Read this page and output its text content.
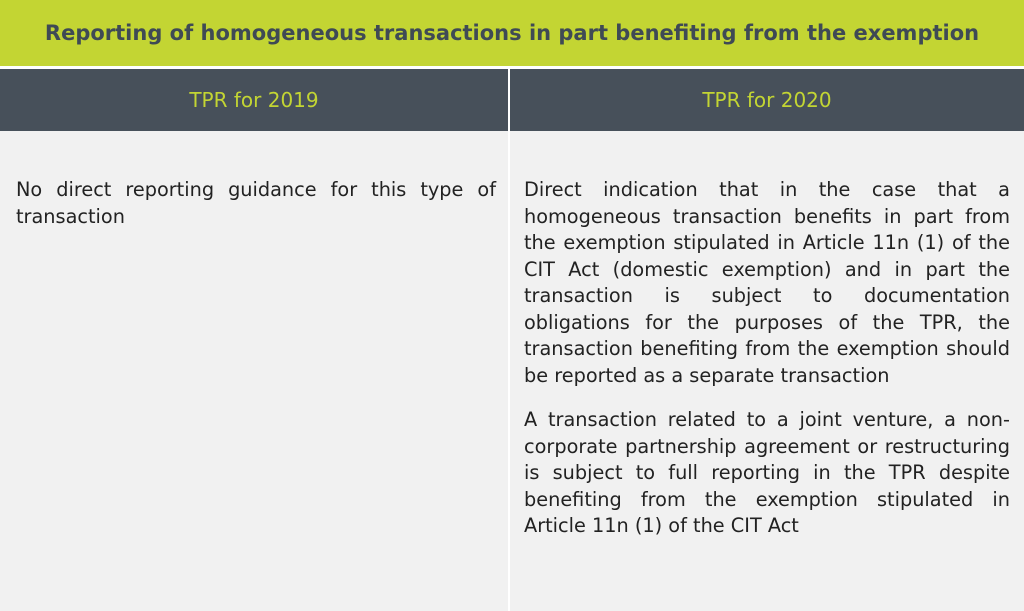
Reporting of homogeneous transactions in part benefiting from the exemption
TPR for 2019	TPR for 2020

No direct reporting guidance for this type of transaction

Direct indication that in the case that a homogeneous transaction benefits in part from the exemption stipulated in Article 11n (1) of the CIT Act (domestic exemption) and in part the transaction is subject to documentation obligations for the purposes of the TPR, the transaction benefiting from the exemption should be reported as a separate transaction

A transaction related to a joint venture, a non-corporate partnership agreement or restructuring is subject to full reporting in the TPR despite benefiting from the exemption stipulated in Article 11n (1) of the CIT Act
